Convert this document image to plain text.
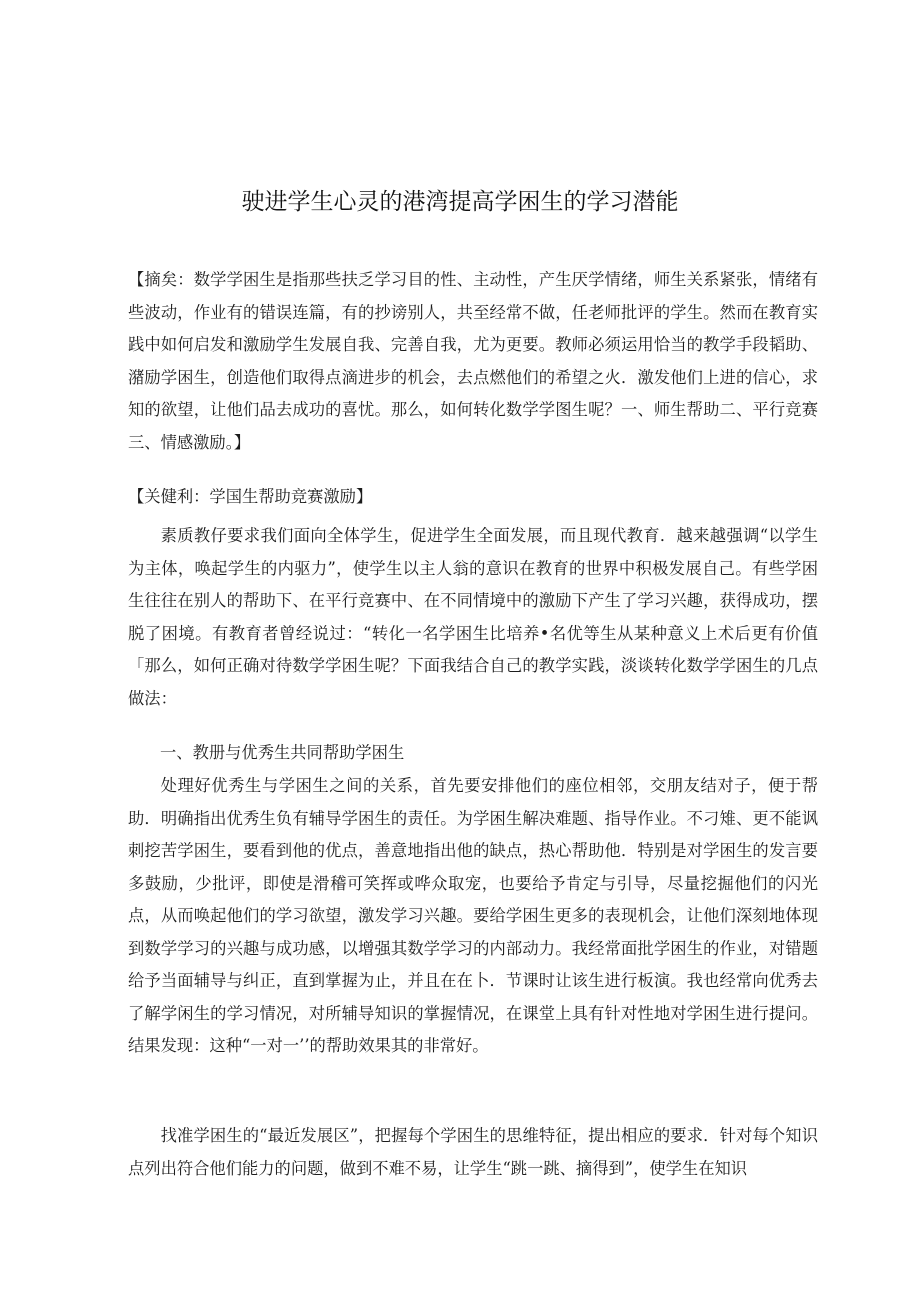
驶进学生心灵的港湾提高学困生的学习潜能
【摘矣：数学学困生是指那些扶乏学习目的性、主动性，产生厌学情绪，师生关系紧张，情绪有些波动，作业有的错误连篇，有的抄谤别人，共至经常不做，任老师批评的学生。然而在教育实践中如何启发和激励学生发展自我、完善自我，尤为更要。教师必须运用恰当的教学手段韬助、潴励学困生，创造他们取得点滴进步的机会，去点燃他们的希望之火．激发他们上进的信心，求知的欲望，让他们品去成功的喜忧。那么，如何转化数学学图生呢？一、师生帮助二、平行竞赛三、情感激励。】
【关健利：学国生帮助竞赛激励】
素质教仔要求我们面向全体学生，促进学生全面发展，而且现代教育．越来越强调“以学生为主体，唤起学生的内驱力”，使学生以主人翁的意识在教育的世界中积极发展自己。有些学困生往往在别人的帮助下、在平行竞赛中、在不同情境中的激励下产生了学习兴趣，获得成功，摆脱了困境。有教育者曾经说过：“转化一名学困生比培养•名优等生从某种意义上术后更有价值「那么，如何正确对待数学学困生呢？下面我结合自己的教学实践，淡谈转化数学学困生的几点做法：
一、教册与优秀生共同帮助学困生
处理好优秀生与学困生之间的关系，首先要安排他们的座位相邻，交朋友结对子，便于帮助．明确指出优秀生负有辅导学困生的责任。为学困生解决难题、指导作业。不刁雉、更不能讽刺挖苦学困生，要看到他的优点，善意地指出他的缺点，热心帮助他．特别是对学困生的发言要多鼓励，少批评，即使是滑稽可笑挥或哗众取宠，也要给予肯定与引导，尽量挖掘他们的闪光点，从而唤起他们的学习欲望，激发学习兴趣。要给学困生更多的表现机会，让他们深刻地体现到数学学习的兴趣与成功感，以增强其数学学习的内部动力。我经常面批学困生的作业，对错题给予当面辅导与纠正，直到掌握为止，并且在在卜．节课时让该生进行板演。我也经常向优秀去了解学闲生的学习情况，对所辅导知识的掌握情况，在课堂上具有针对性地对学困生进行提问。结果发现：这种“一对一’’的帮助效果其的非常好。
找准学困生的“最近发展区”，把握每个学困生的思维特征，提出相应的要求．针对每个知识点列出符合他们能力的问题，做到不难不易，让学生“跳一跳、摘得到”，使学生在知识
